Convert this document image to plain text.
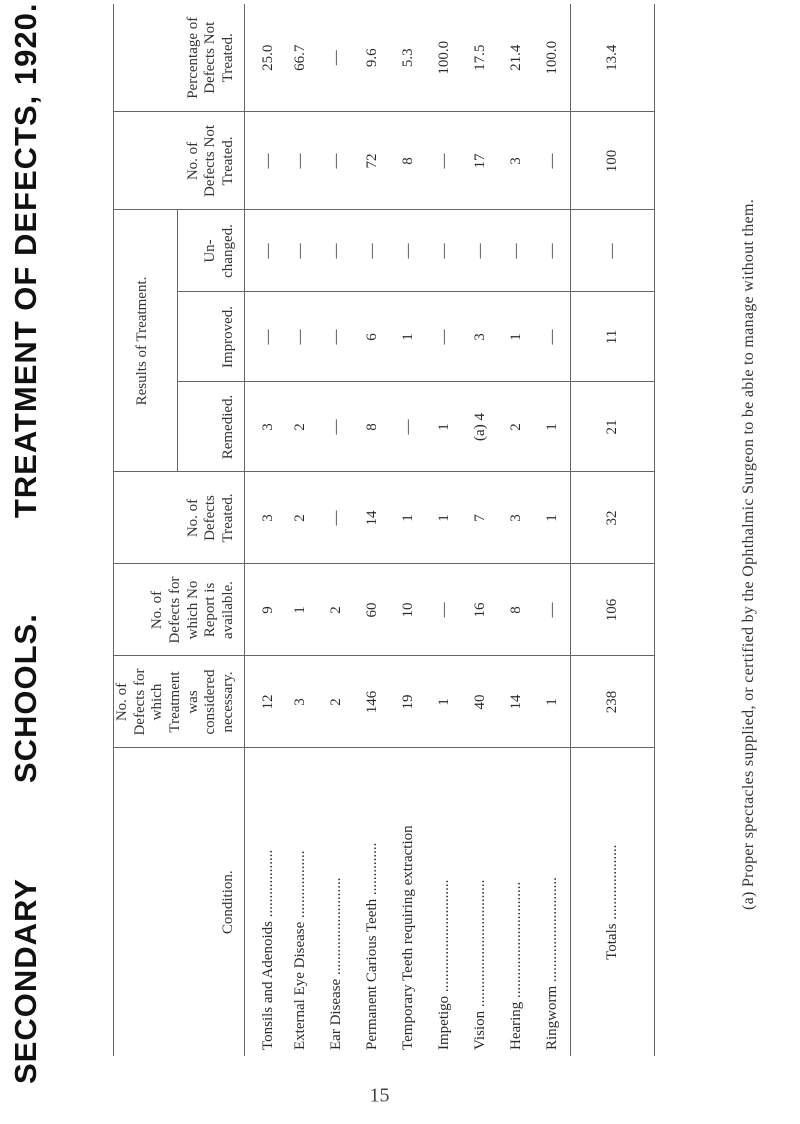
SECONDARYSCHOOLS.TREATMENT OF DEFECTS, 1920.
15
Condition.	No. of Defects for which Treatment was considered necessary.	No. of Defects for which No Report is available.	No. of Defects Treated.	Results of Treatment.			No. of Defects Not Treated.	Percentage of Defects Not Treated.
				Remedied.	Improved.	Un- changed.		
Tonsils and Adenoids ..................	12	9	3	3	—	—	—	25.0
External Eye Disease ..................	3	1	2	2	—	—	—	66.7
Ear Disease ..........................	2	2	—	—	—	—	—	—
Permanent Carious Teeth ..............	146	60	14	8	6	—	72	9.6
Temporary Teeth requiring extraction	19	10	1	—	1	—	8	5.3
Impetigo ..............................	1	—	1	1	—	—	—	100.0
Vision ..................................	40	16	7	(a) 4	3	—	17	17.5
Hearing ...............................	14	8	3	2	1	—	3	21.4
Ringworm ............................	1	—	1	1	—	—	—	100.0
Totals ....................	238	106	32	21	11	—	100	13.4
(a) Proper spectacles supplied, or certified by the Ophthalmic Surgeon to be able to manage without them.
